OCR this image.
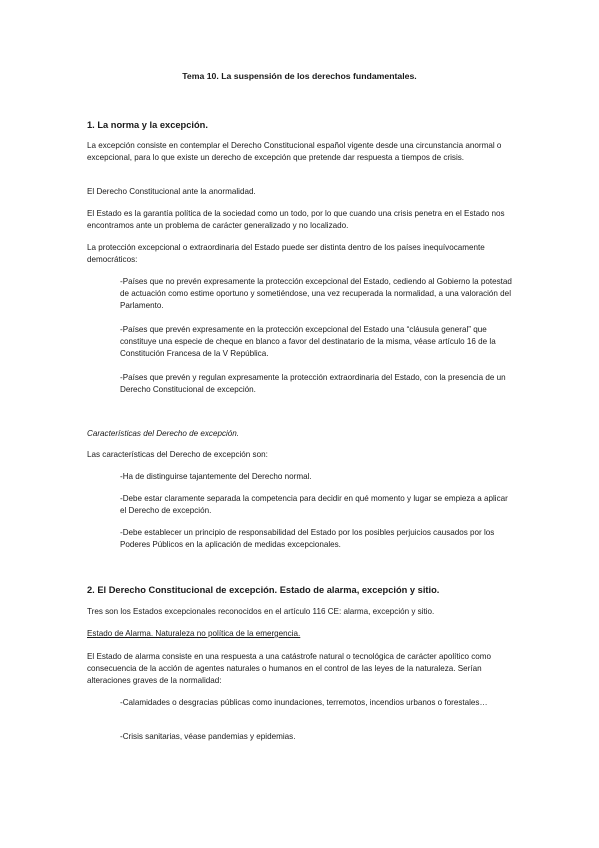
Tema 10. La suspensión de los derechos fundamentales.

1. La norma y la excepción.

La excepción consiste en contemplar el Derecho Constitucional español vigente desde una circunstancia anormal o excepcional, para lo que existe un derecho de excepción que pretende dar respuesta a tiempos de crisis.

El Derecho Constitucional ante la anormalidad.

El Estado es la garantía política de la sociedad como un todo, por lo que cuando una crisis penetra en el Estado nos encontramos ante un problema de carácter generalizado y no localizado.

La protección excepcional o extraordinaria del Estado puede ser distinta dentro de los países inequívocamente democráticos:

-Países que no prevén expresamente la protección excepcional del Estado, cediendo al Gobierno la potestad de actuación como estime oportuno y sometiéndose, una vez recuperada la normalidad, a una valoración del Parlamento.

-Países que prevén expresamente en la protección excepcional del Estado una “cláusula general” que constituye una especie de cheque en blanco a favor del destinatario de la misma, véase artículo 16 de la Constitución Francesa de la V República.

-Países que prevén y regulan expresamente la protección extraordinaria del Estado, con la presencia de un Derecho Constitucional de excepción.

Características del Derecho de excepción.

Las características del Derecho de excepción son:

-Ha de distinguirse tajantemente del Derecho normal.

-Debe estar claramente separada la competencia para decidir en qué momento y lugar se empieza a aplicar el Derecho de excepción.

-Debe establecer un principio de responsabilidad del Estado por los posibles perjuicios causados por los Poderes Públicos en la aplicación de medidas excepcionales.

2. El Derecho Constitucional de excepción. Estado de alarma, excepción y sitio.

Tres son los Estados excepcionales reconocidos en el artículo 116 CE: alarma, excepción y sitio.

Estado de Alarma. Naturaleza no política de la emergencia.

El Estado de alarma consiste en una respuesta a una catástrofe natural o tecnológica de carácter apolítico como consecuencia de la acción de agentes naturales o humanos en el control de las leyes de la naturaleza. Serían alteraciones graves de la normalidad:

-Calamidades o desgracias públicas como inundaciones, terremotos, incendios urbanos o forestales…

-Crisis sanitarias, véase pandemias y epidemias.
